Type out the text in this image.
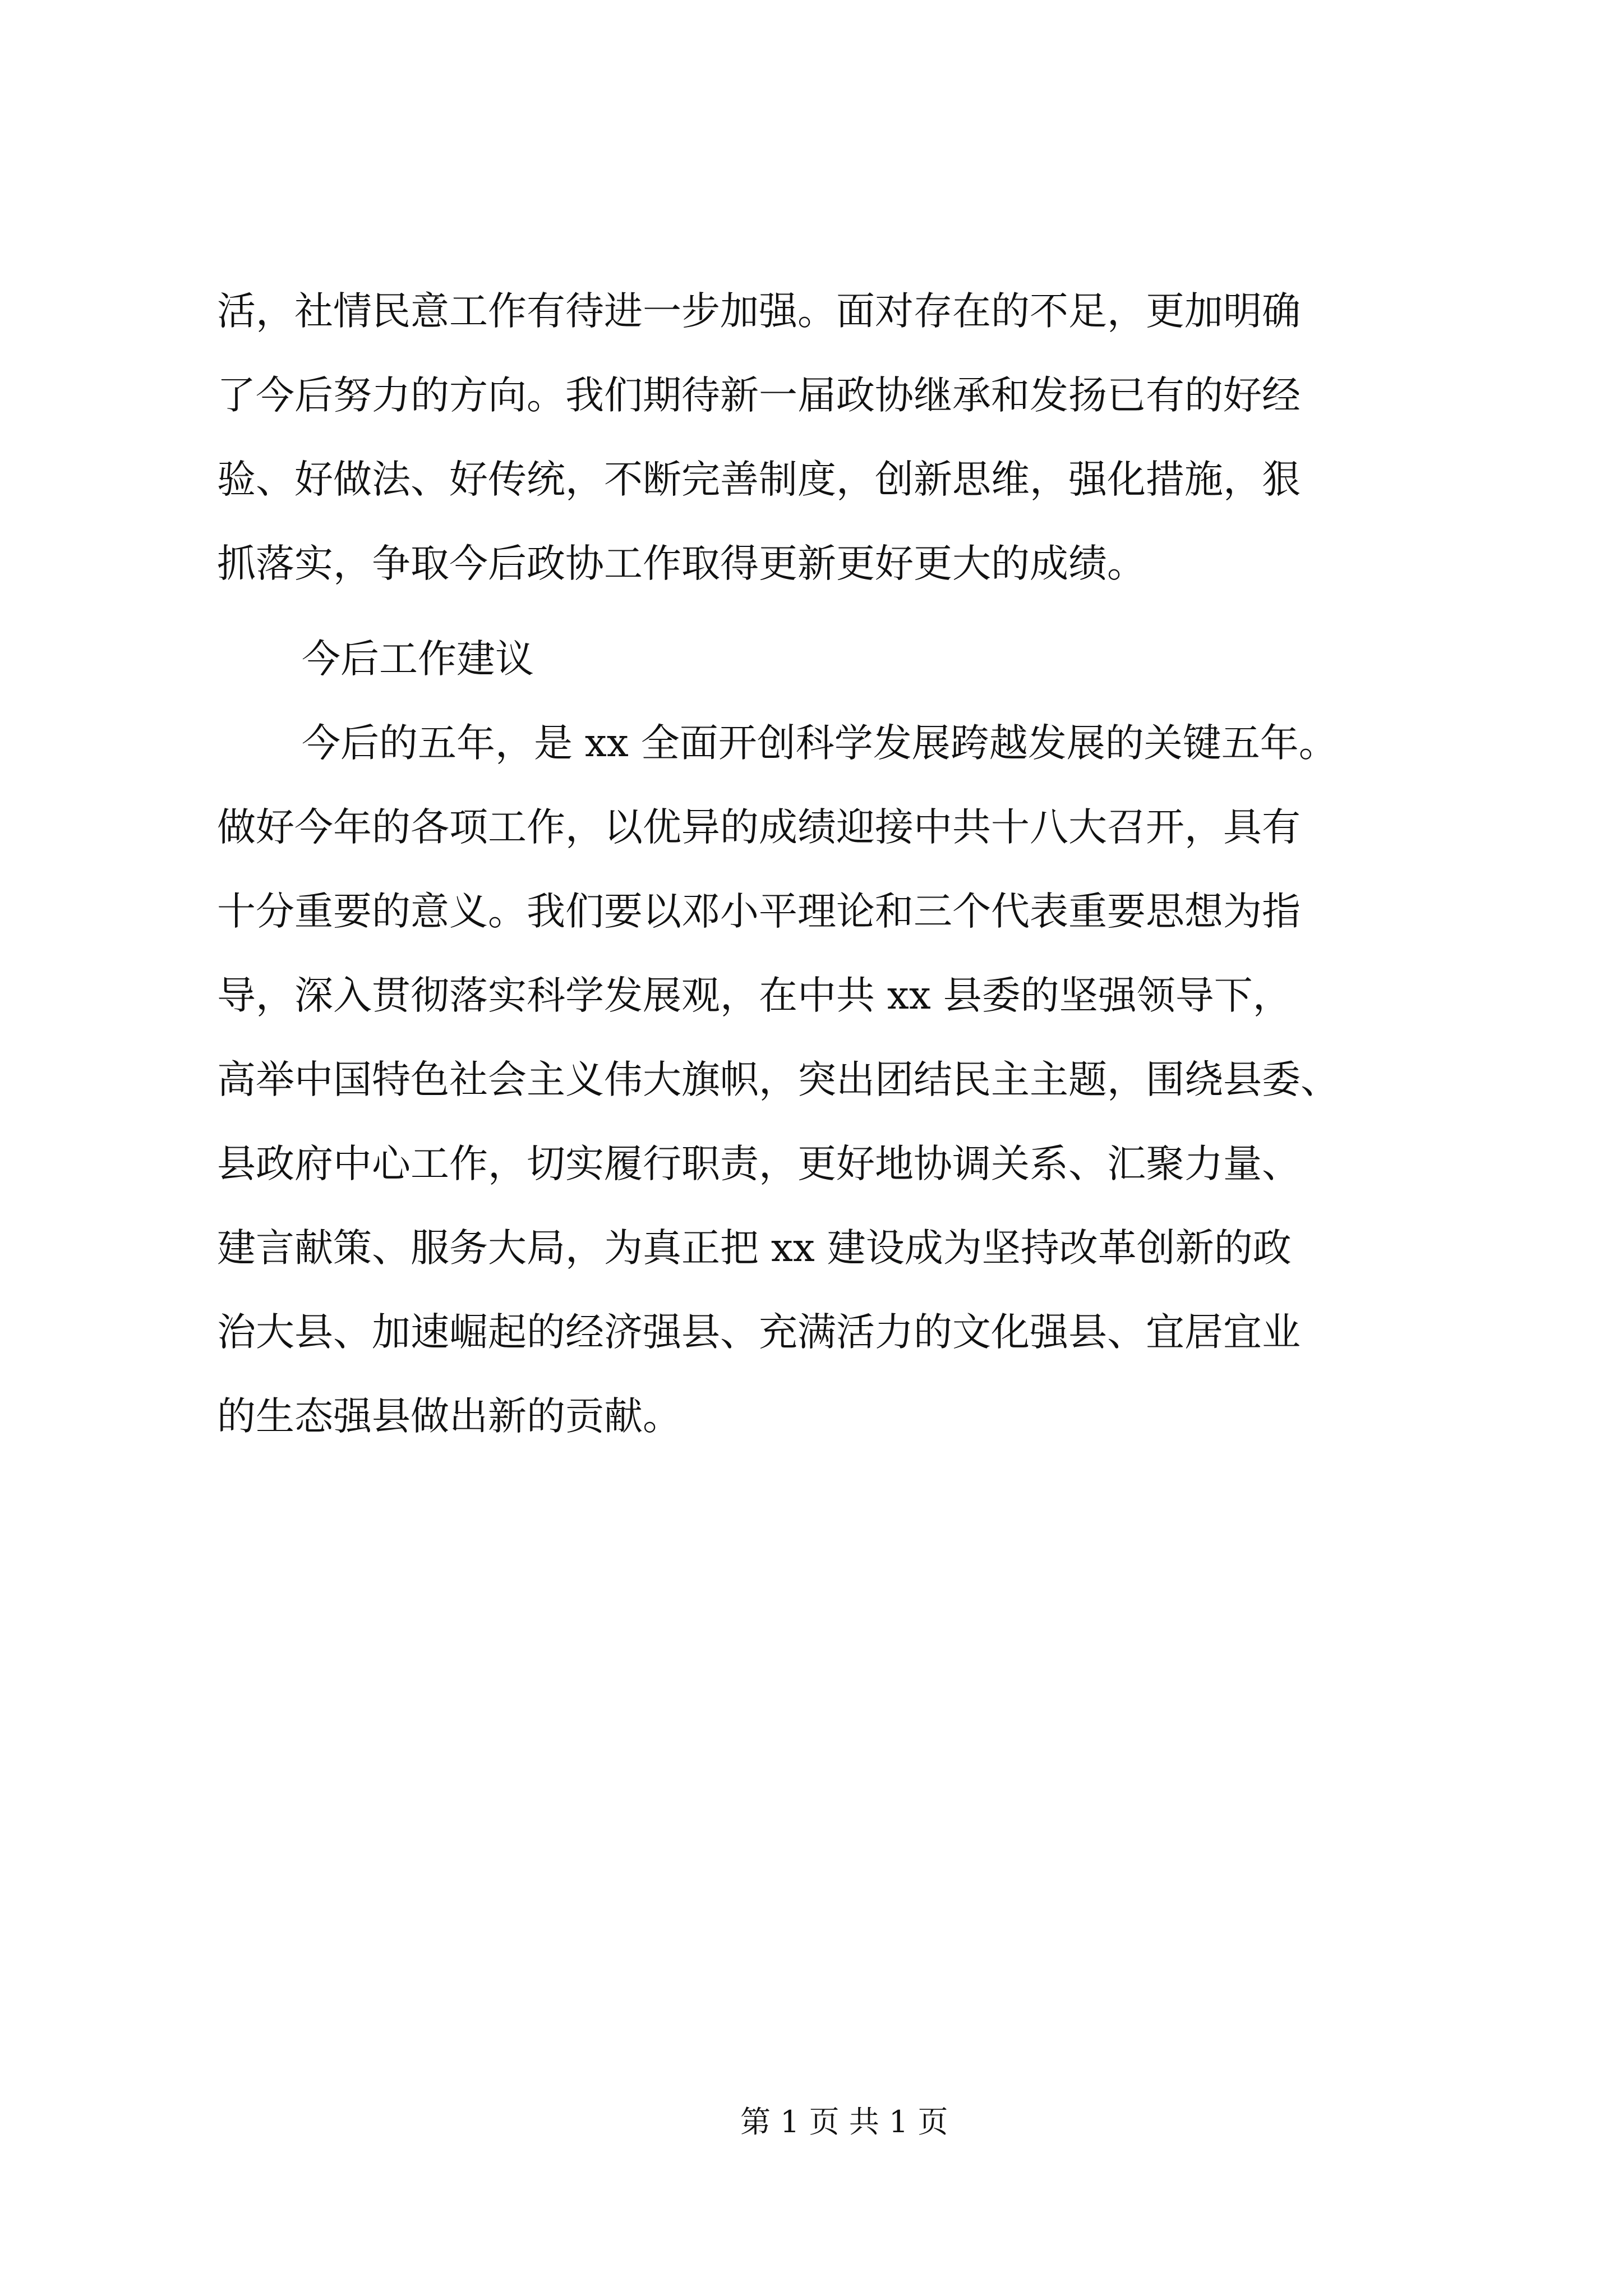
活，社情民意工作有待进一步加强。面对存在的不足，更加明确
了今后努力的方向。我们期待新一届政协继承和发扬已有的好经
验、好做法、好传统，不断完善制度，创新思维，强化措施，狠
抓落实，争取今后政协工作取得更新更好更大的成绩。
今后工作建议
今后的五年，是 xx 全面开创科学发展跨越发展的关键五年。
做好今年的各项工作，以优异的成绩迎接中共十八大召开，具有
十分重要的意义。我们要以邓小平理论和三个代表重要思想为指
导，深入贯彻落实科学发展观，在中共 xx 县委的坚强领导下，
高举中国特色社会主义伟大旗帜，突出团结民主主题，围绕县委、
县政府中心工作，切实履行职责，更好地协调关系、汇聚力量、
建言献策、服务大局，为真正把 xx 建设成为坚持改革创新的政
治大县、加速崛起的经济强县、充满活力的文化强县、宜居宜业
的生态强县做出新的贡献。
第 1 页 共 1 页
